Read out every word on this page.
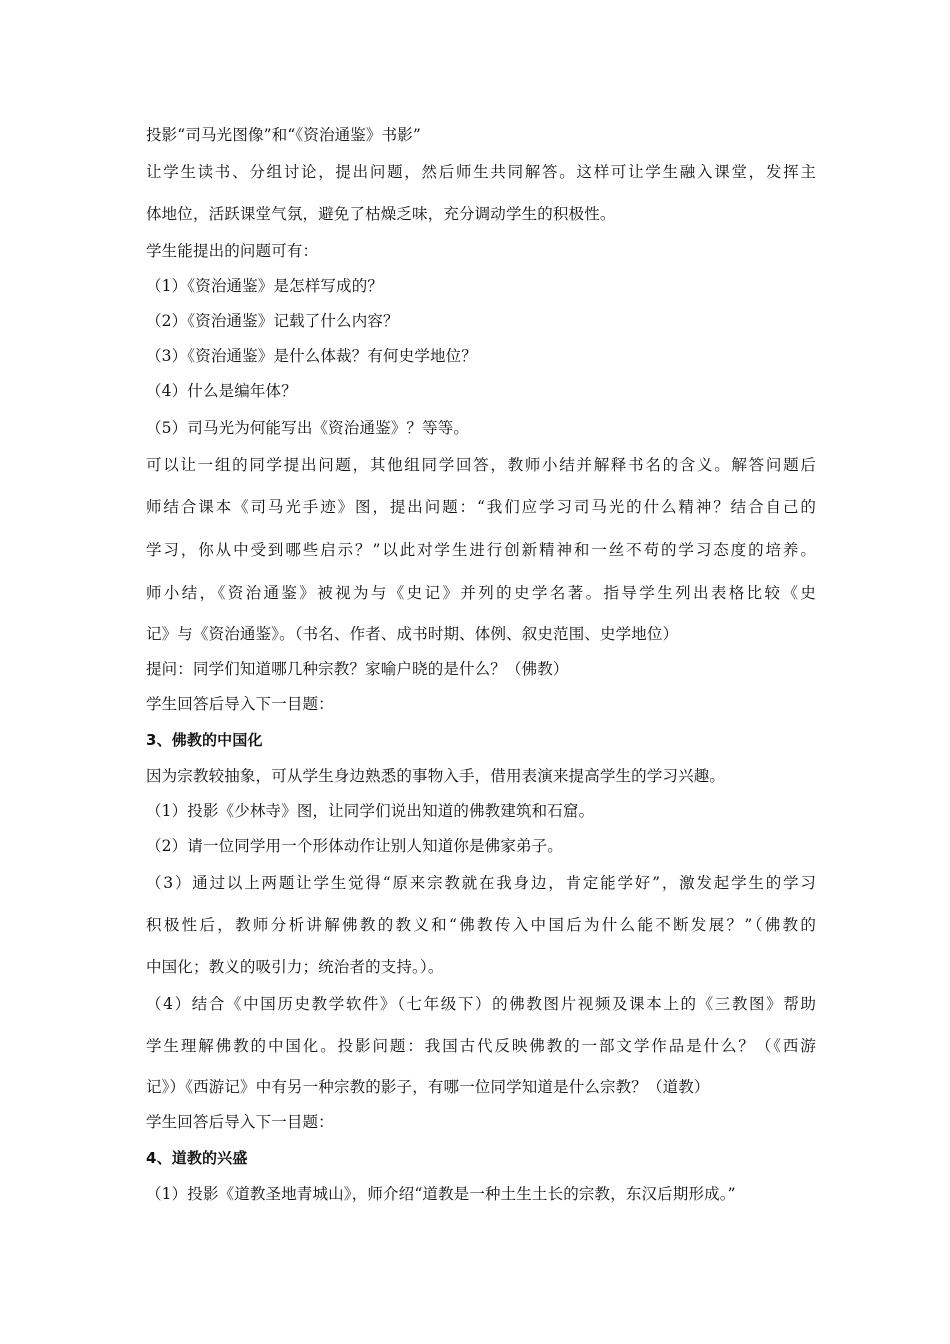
投影“司马光图像”和“《资治通鉴》书影”
让学生读书、分组讨论，提出问题，然后师生共同解答。这样可让学生融入课堂，发挥主
体地位，活跃课堂气氛，避免了枯燥乏味，充分调动学生的积极性。
学生能提出的问题可有：
（1）《资治通鉴》是怎样写成的？
（2）《资治通鉴》记载了什么内容？
（3）《资治通鉴》是什么体裁？有何史学地位？
（4）什么是编年体？
（5）司马光为何能写出《资治通鉴》？等等。
可以让一组的同学提出问题，其他组同学回答，教师小结并解释书名的含义。解答问题后
师结合课本《司马光手迹》图，提出问题：“我们应学习司马光的什么精神？结合自己的
学习，你从中受到哪些启示？”以此对学生进行创新精神和一丝不苟的学习态度的培养。
师小结，《资治通鉴》被视为与《史记》并列的史学名著。指导学生列出表格比较《史
记》与《资治通鉴》。（书名、作者、成书时期、体例、叙史范围、史学地位）
提问：同学们知道哪几种宗教？家喻户晓的是什么？（佛教）
学生回答后导入下一目题：
3、佛教的中国化
因为宗教较抽象，可从学生身边熟悉的事物入手，借用表演来提高学生的学习兴趣。
（1）投影《少林寺》图，让同学们说出知道的佛教建筑和石窟。
（2）请一位同学用一个形体动作让别人知道你是佛家弟子。
（3）通过以上两题让学生觉得“原来宗教就在我身边，肯定能学好”，激发起学生的学习
积极性后，教师分析讲解佛教的教义和“佛教传入中国后为什么能不断发展？”（佛教的
中国化；教义的吸引力；统治者的支持。）。
（4）结合《中国历史教学软件》（七年级下）的佛教图片视频及课本上的《三教图》帮助
学生理解佛教的中国化。投影问题：我国古代反映佛教的一部文学作品是什么？（《西游
记》）《西游记》中有另一种宗教的影子，有哪一位同学知道是什么宗教？（道教）
学生回答后导入下一目题：
4、道教的兴盛
（1）投影《道教圣地青城山》，师介绍“道教是一种土生土长的宗教，东汉后期形成。”
